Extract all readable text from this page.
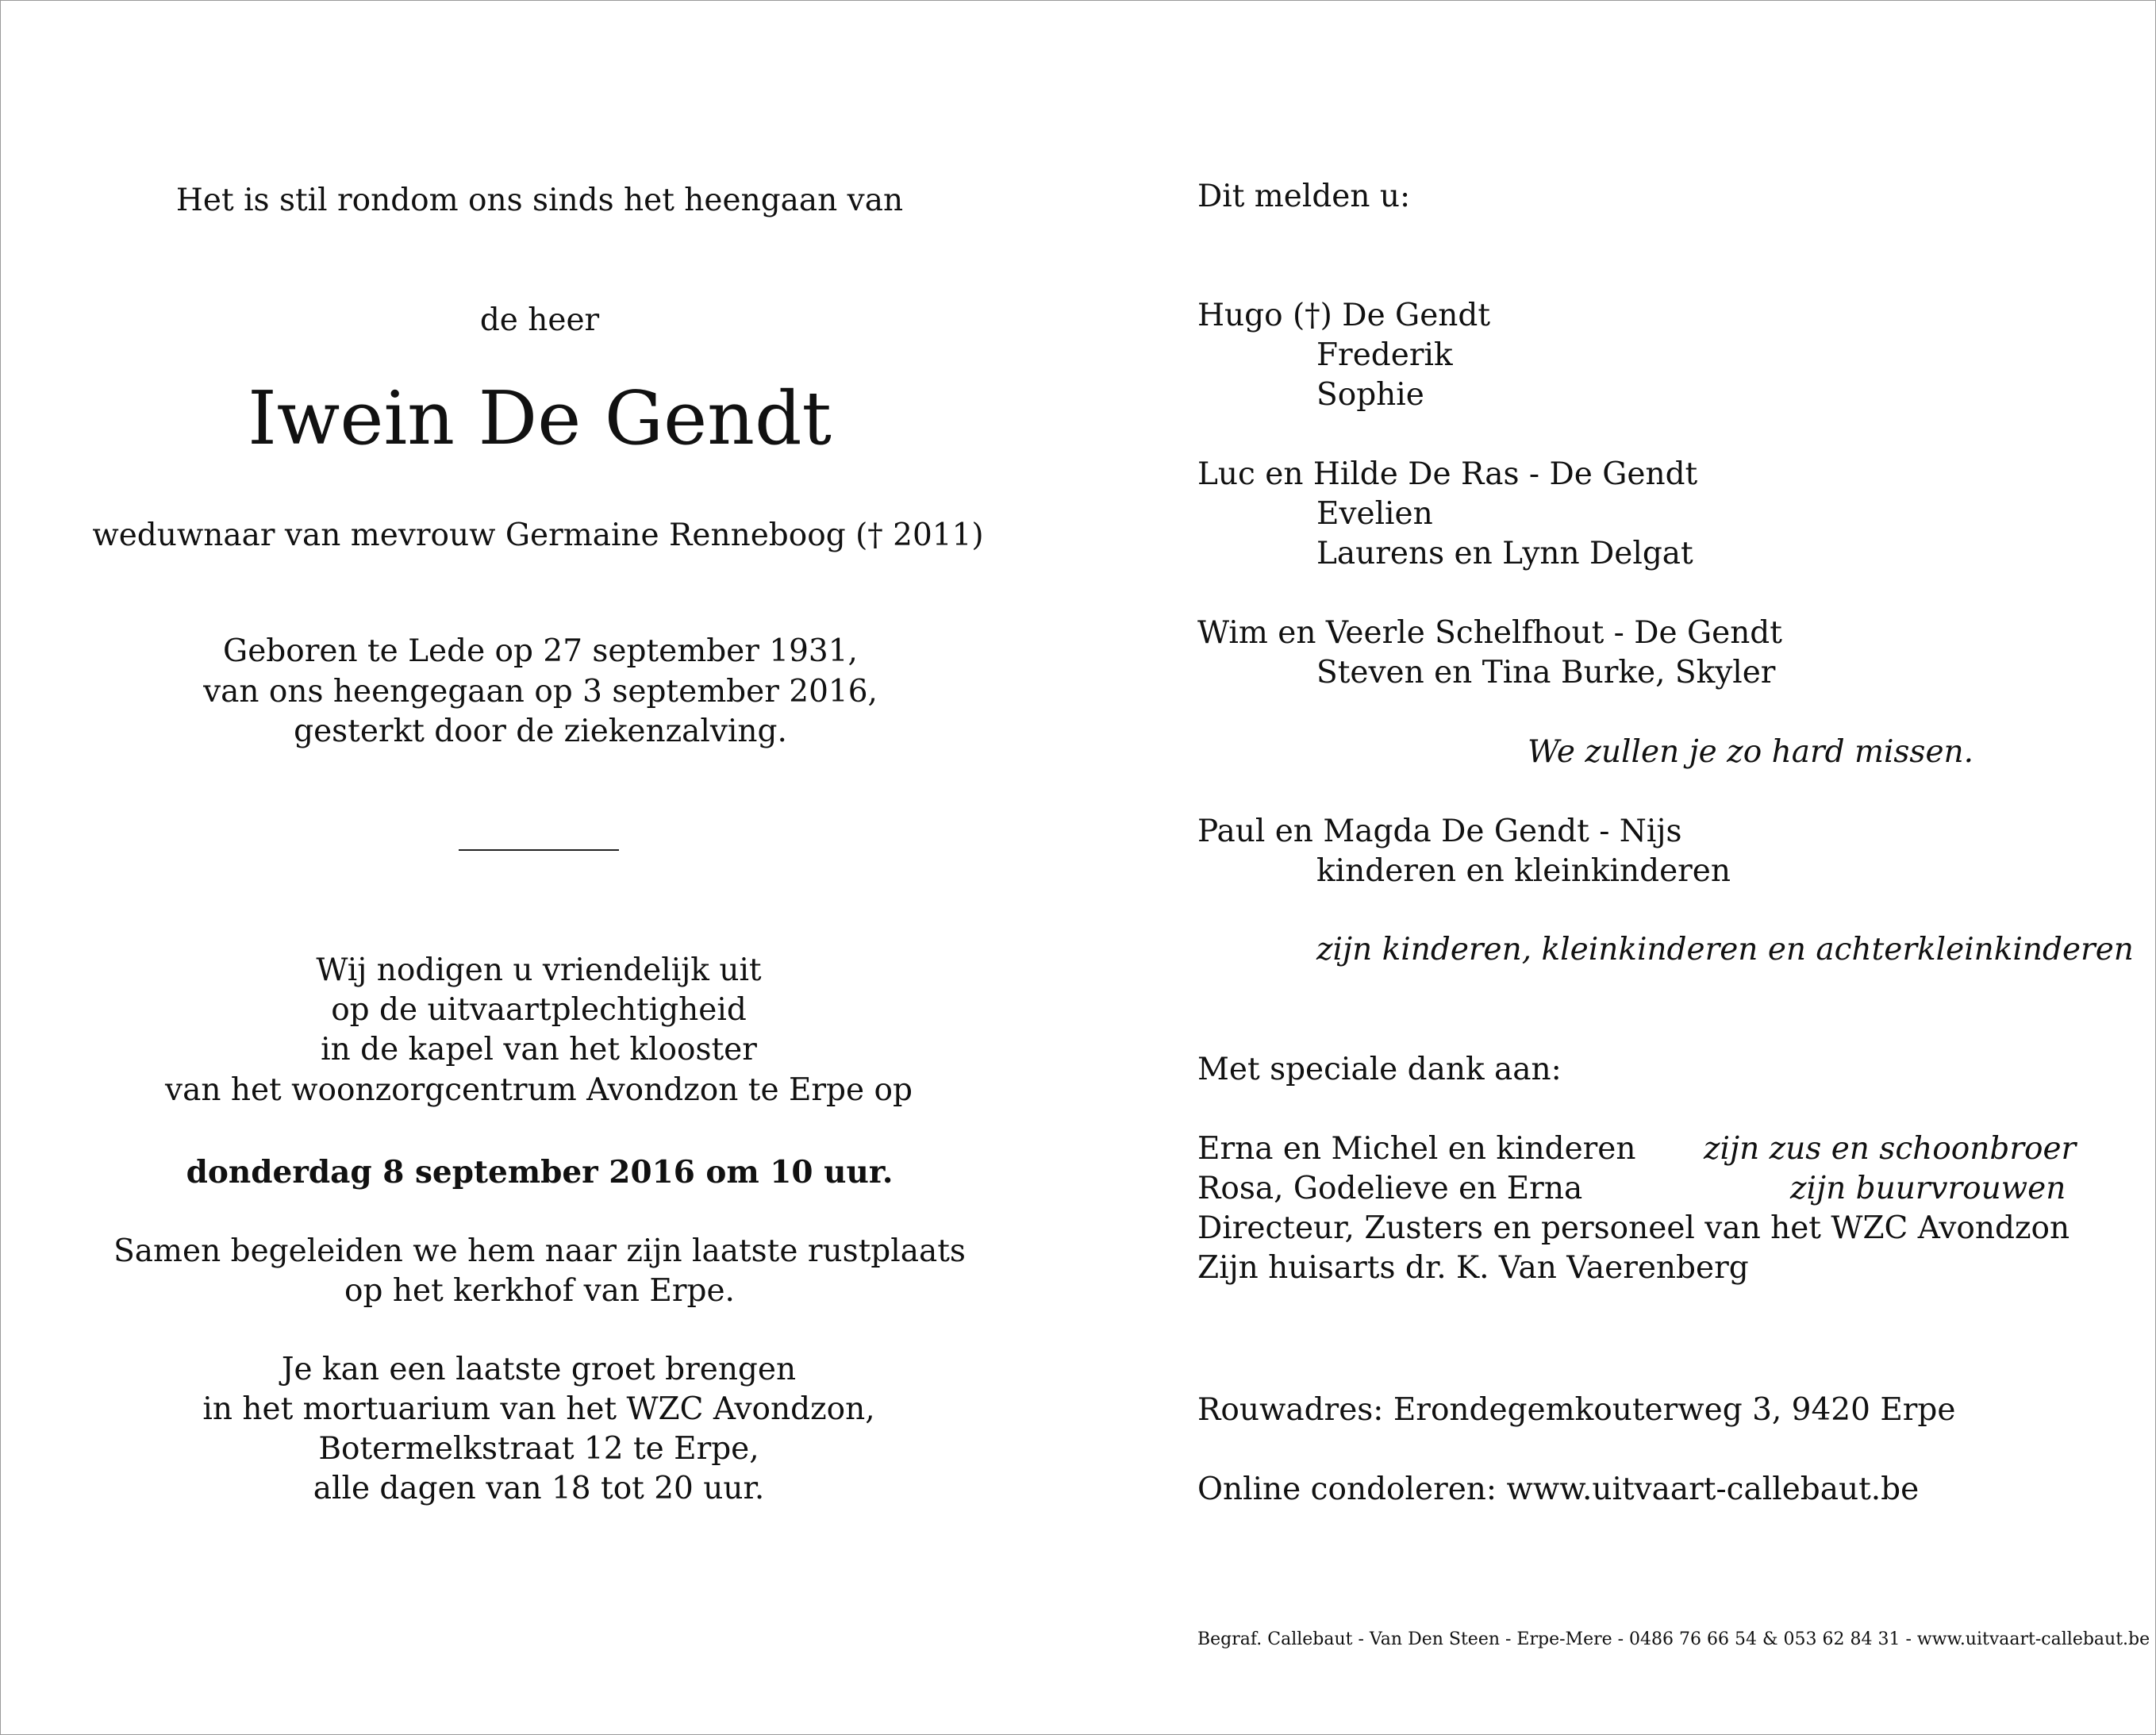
Het is stil rondom ons sinds het heengaan van
de heer
Iwein De Gendt
weduwnaar van mevrouw Germaine Renneboog († 2011)
Geboren te Lede op 27 september 1931,
van ons heengegaan op 3 september 2016,
gesterkt door de ziekenzalving.
Wij nodigen u vriendelijk uit
op de uitvaartplechtigheid
in de kapel van het klooster
van het woonzorgcentrum Avondzon te Erpe op
donderdag 8 september 2016 om 10 uur.
Samen begeleiden we hem naar zijn laatste rustplaats
op het kerkhof van Erpe.
Je kan een laatste groet brengen
in het mortuarium van het WZC Avondzon,
Botermelkstraat 12 te Erpe,
alle dagen van 18 tot 20 uur.
Dit melden u:
Hugo (†) De Gendt
Frederik
Sophie
Luc en Hilde De Ras - De Gendt
Evelien
Laurens en Lynn Delgat
Wim en Veerle Schelfhout - De Gendt
Steven en Tina Burke, Skyler
We zullen je zo hard missen.
Paul en Magda De Gendt - Nijs
kinderen en kleinkinderen
zijn kinderen, kleinkinderen en achterkleinkinderen
Met speciale dank aan:
Erna en Michel en kinderen zijn zus en schoonbroer
Rosa, Godelieve en Erna	zijn buurvrouwen
Directeur, Zusters en personeel van het WZC Avondzon
Zijn huisarts dr. K. Van Vaerenberg
Rouwadres: Erondegemkouterweg 3, 9420 Erpe
Online condoleren: www.uitvaart-callebaut.be
Begraf. Callebaut - Van Den Steen - Erpe-Mere - 0486 76 66 54 & 053 62 84 31 - www.uitvaart-callebaut.be
